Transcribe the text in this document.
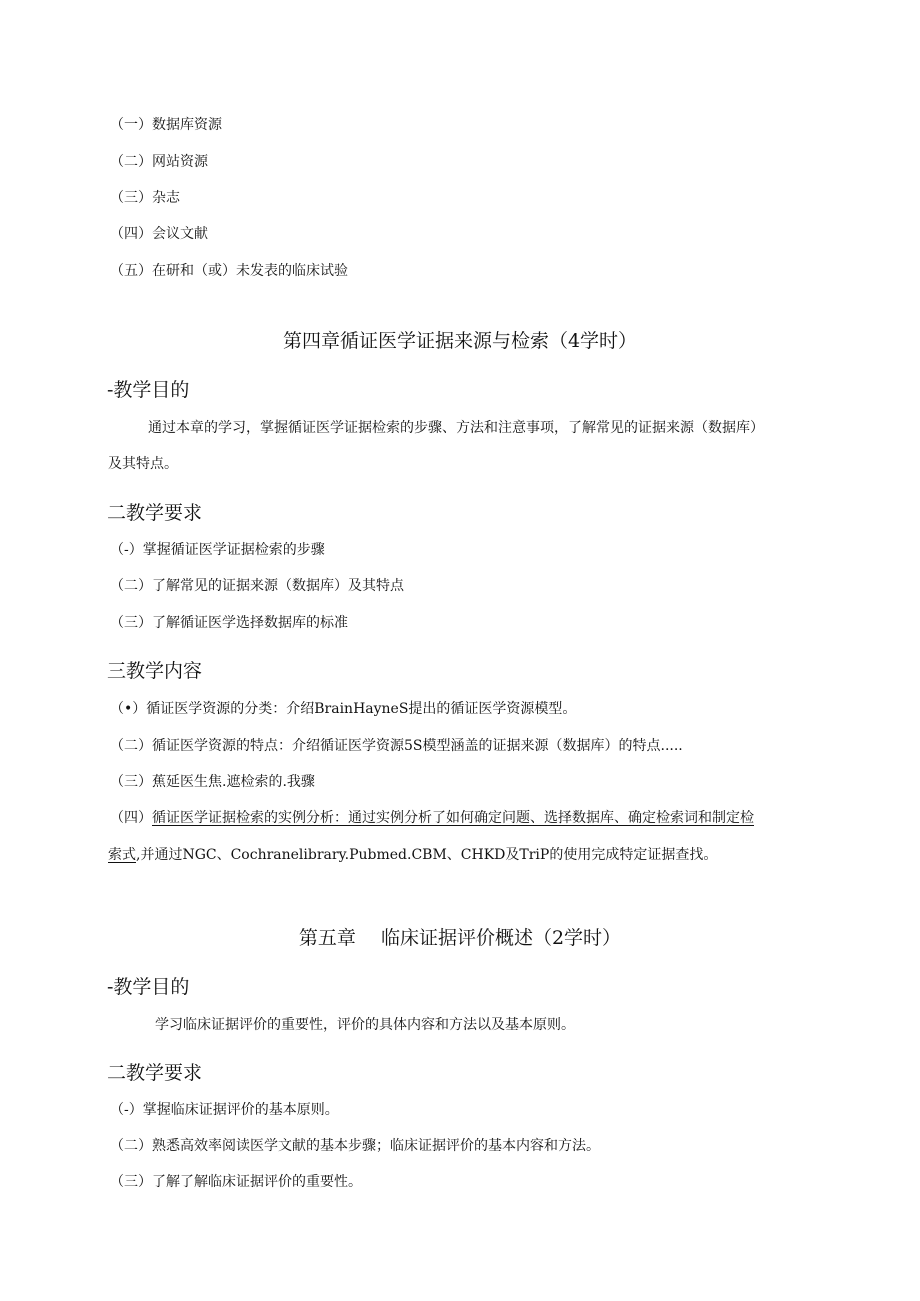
（一）数据库资源
（二）网站资源
（三）杂志
（四）会议文献
（五）在研和（或）未发表的临床试验
第四章循证医学证据来源与检索（4学时）
-教学目的
通过本章的学习，掌握循证医学证据检索的步骤、方法和注意事项，了解常见的证据来源（数据库）
及其特点。
二教学要求
（-）掌握循证医学证据检索的步骤
（二）了解常见的证据来源（数据库）及其特点
（三）了解循证医学选择数据库的标准
三教学内容
（•）循证医学资源的分类：介绍BrainHayneS提出的循证医学资源模型。
（二）循证医学资源的特点：介绍循证医学资源5S模型涵盖的证据来源（数据库）的特点.....
（三）蕉延医生焦.遮检索的.我骤
（四）循证医学证据检索的实例分析：通过实例分析了如何确定问题、选择数据库、确定检索词和制定检
索式,并通过NGC、Cochranelibrary.Pubmed.CBM、CHKD及TriP的使用完成特定证据查找。
第五章　 临床证据评价概述（2学时）
-教学目的
学习临床证据评价的重要性，评价的具体内容和方法以及基本原则。
二教学要求
（-）掌握临床证据评价的基本原则。
（二）熟悉高效率阅读医学文献的基本步骤；临床证据评价的基本内容和方法。
（三）了解了解临床证据评价的重要性。
